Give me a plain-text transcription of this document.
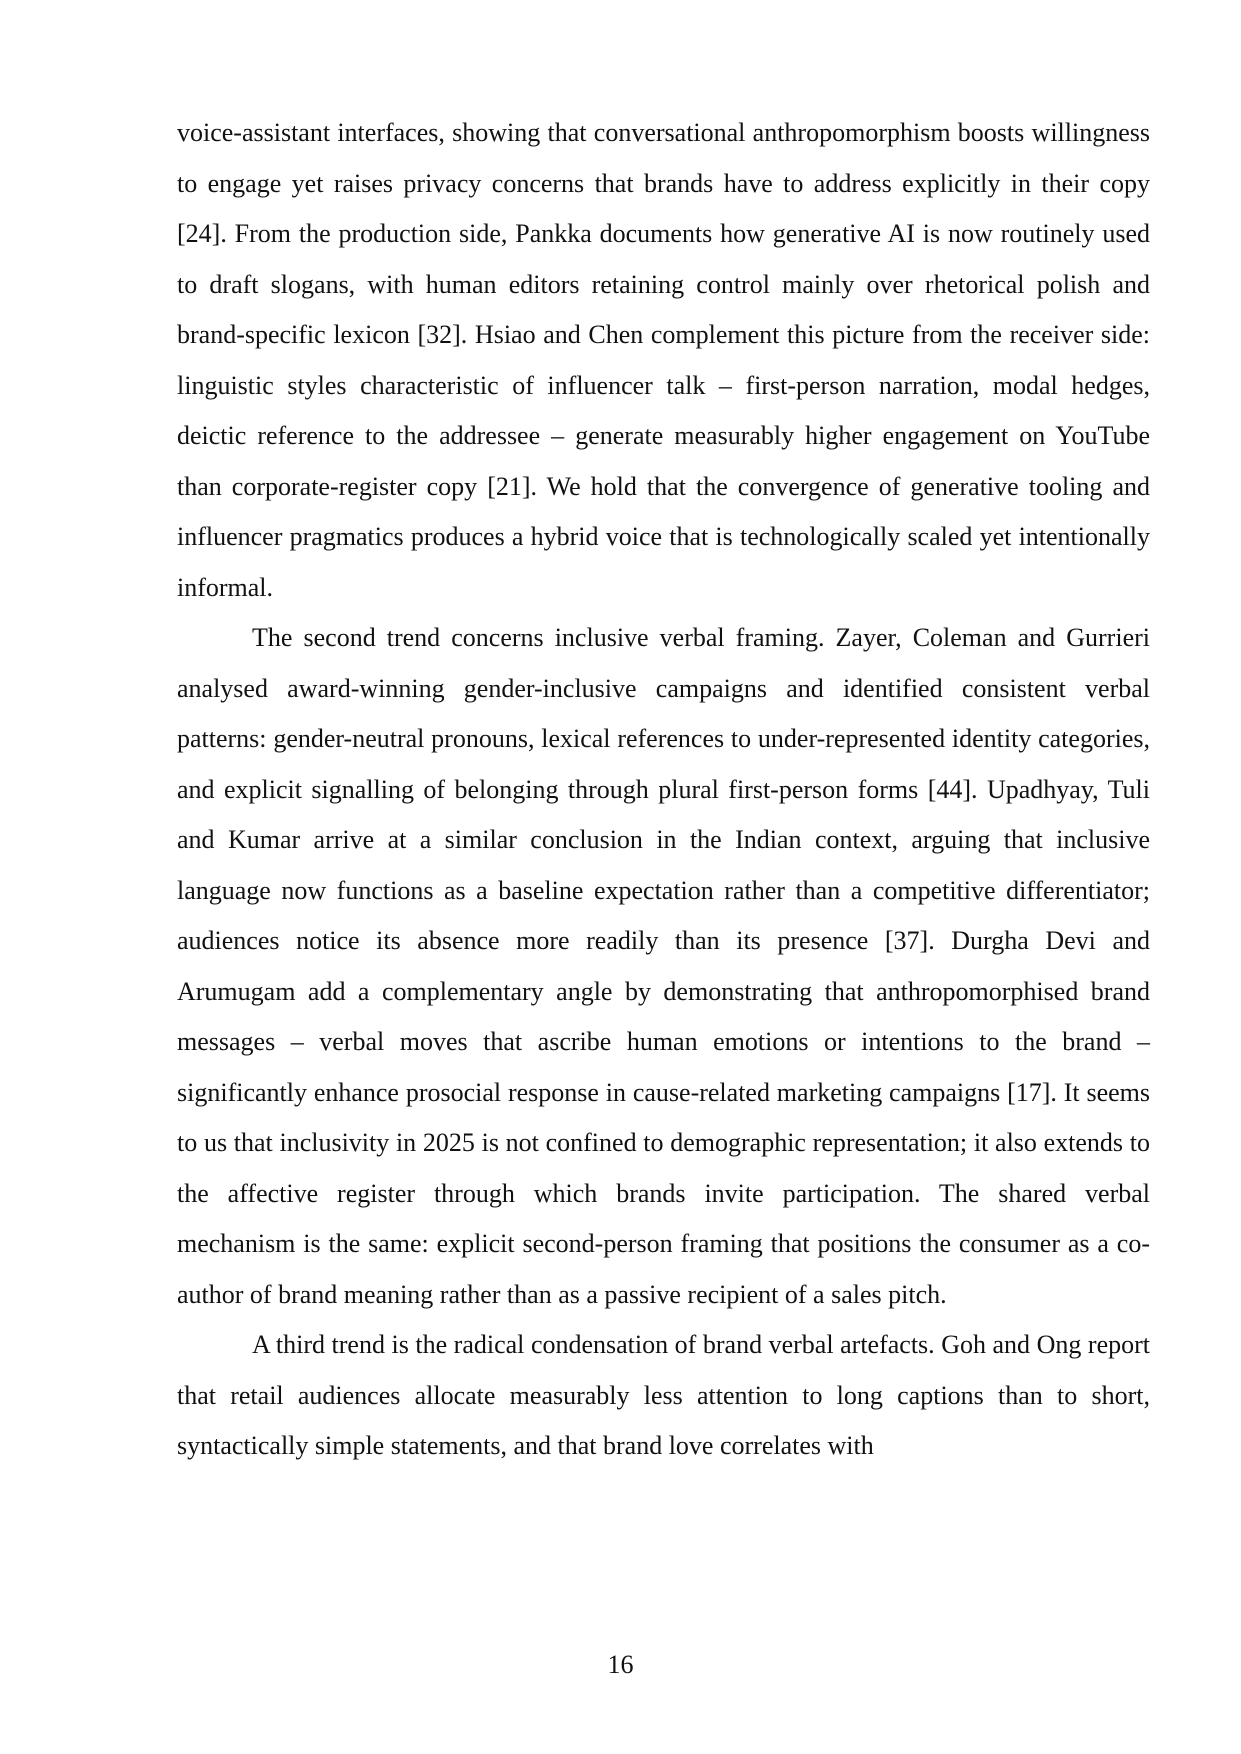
voice-assistant interfaces, showing that conversational anthropomorphism boosts willingness to engage yet raises privacy concerns that brands have to address explicitly in their copy [24]. From the production side, Pankka documents how generative AI is now routinely used to draft slogans, with human editors retaining control mainly over rhetorical polish and brand-specific lexicon [32]. Hsiao and Chen complement this picture from the receiver side: linguistic styles characteristic of influencer talk – first-person narration, modal hedges, deictic reference to the addressee – generate measurably higher engagement on YouTube than corporate-register copy [21]. We hold that the convergence of generative tooling and influencer pragmatics produces a hybrid voice that is technologically scaled yet intentionally informal.

The second trend concerns inclusive verbal framing. Zayer, Coleman and Gurrieri analysed award-winning gender-inclusive campaigns and identified consistent verbal patterns: gender-neutral pronouns, lexical references to under-represented identity categories, and explicit signalling of belonging through plural first-person forms [44]. Upadhyay, Tuli and Kumar arrive at a similar conclusion in the Indian context, arguing that inclusive language now functions as a baseline expectation rather than a competitive differentiator; audiences notice its absence more readily than its presence [37]. Durgha Devi and Arumugam add a complementary angle by demonstrating that anthropomorphised brand messages – verbal moves that ascribe human emotions or intentions to the brand – significantly enhance prosocial response in cause-related marketing campaigns [17]. It seems to us that inclusivity in 2025 is not confined to demographic representation; it also extends to the affective register through which brands invite participation. The shared verbal mechanism is the same: explicit second-person framing that positions the consumer as a co-author of brand meaning rather than as a passive recipient of a sales pitch.

A third trend is the radical condensation of brand verbal artefacts. Goh and Ong report that retail audiences allocate measurably less attention to long captions than to short, syntactically simple statements, and that brand love correlates with

16
